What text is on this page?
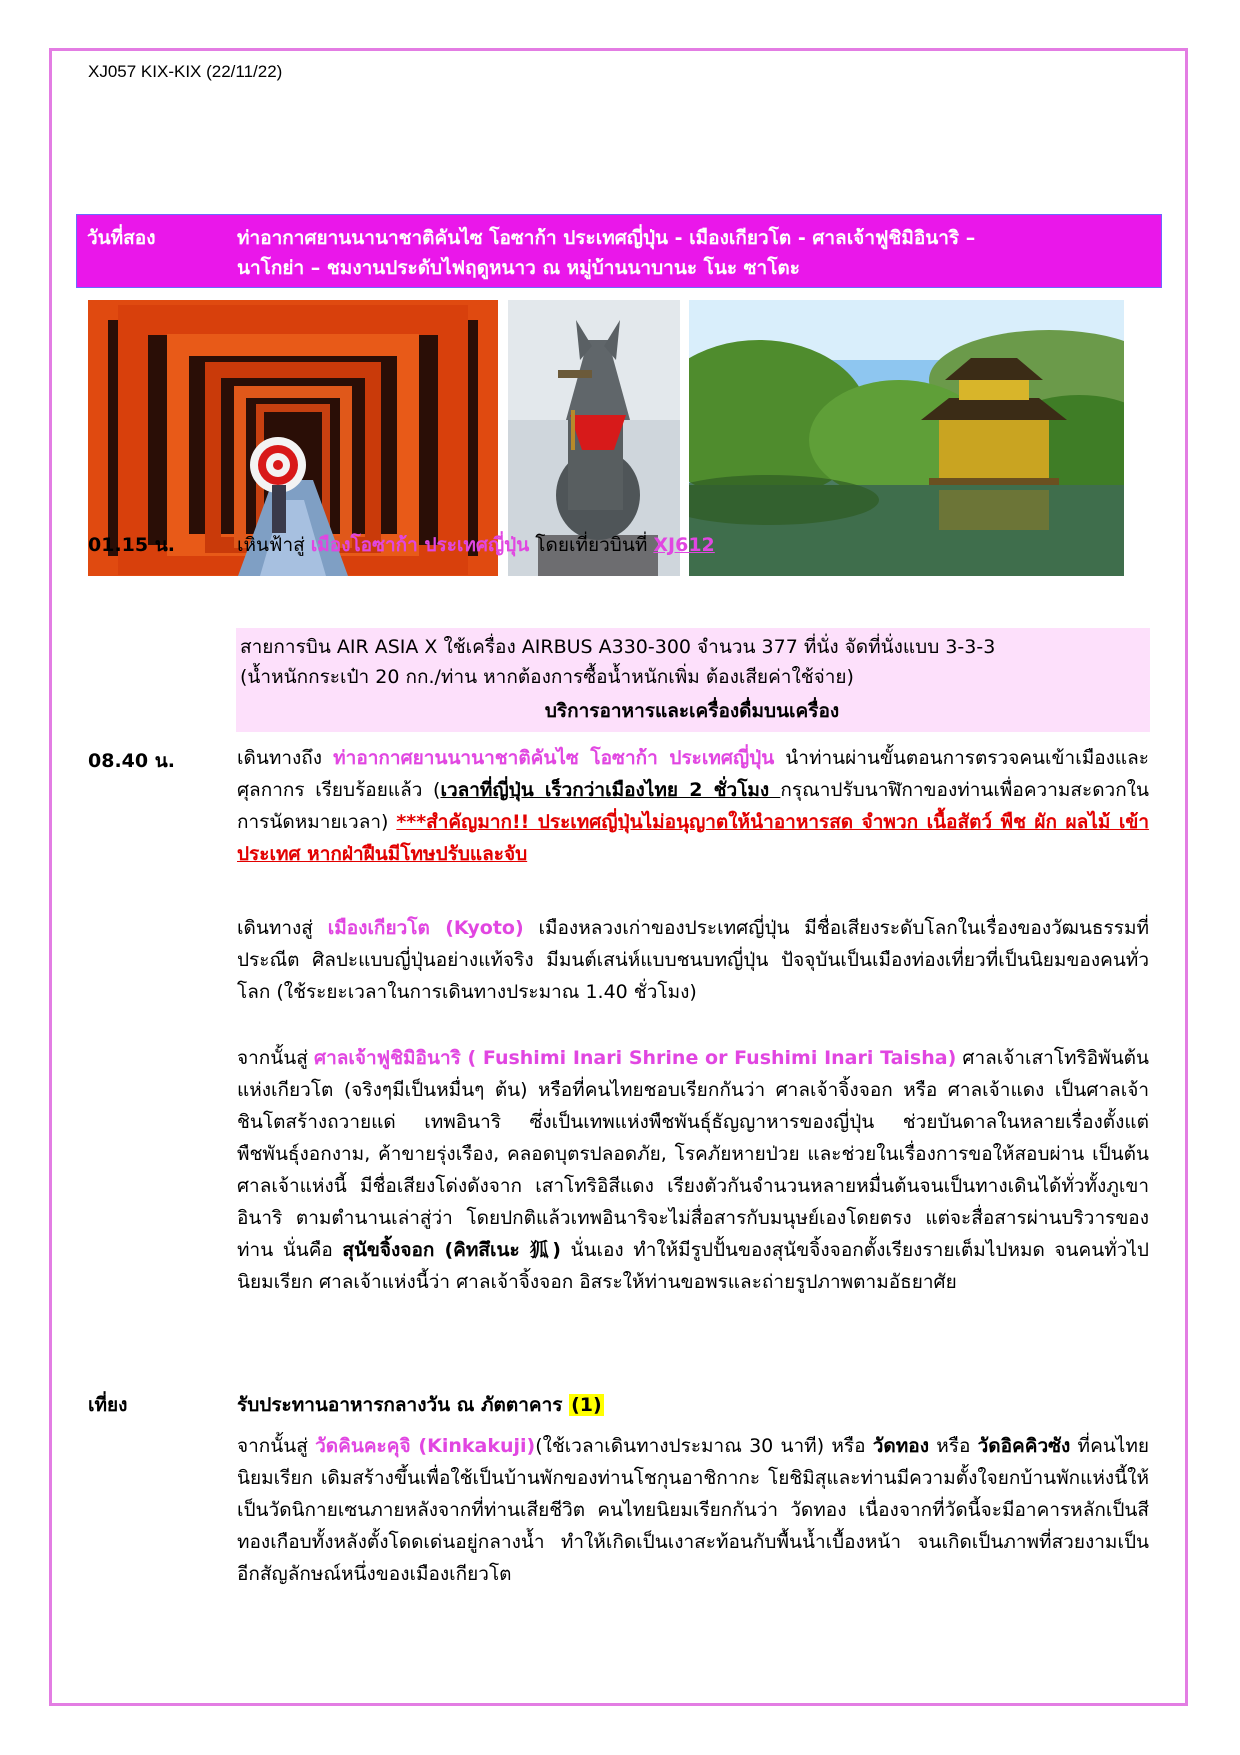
XJ057 KIX-KIX (22/11/22)
วันที่สอง	ท่าอากาศยานนานาชาติคันไซ โอซาก้า ประเทศญี่ปุ่น - เมืองเกียวโต - ศาลเจ้าฟูชิมิอินาริ –
นาโกย่า – ชมงานประดับไฟฤดูหนาว ณ หมู่บ้านนาบานะ โนะ ซาโตะ
01.15 น.	เหินฟ้าสู่ เมืองโอซาก้า ประเทศญี่ปุ่น โดยเที่ยวบินที่ XJ612
สายการบิน AIR ASIA X ใช้เครื่อง AIRBUS A330-300 จำนวน 377 ที่นั่ง จัดที่นั่งแบบ 3-3-3
(น้ำหนักกระเป๋า 20 กก./ท่าน หากต้องการซื้อน้ำหนักเพิ่ม ต้องเสียค่าใช้จ่าย)
บริการอาหารและเครื่องดื่มบนเครื่อง
08.40 น.	เดินทางถึง ท่าอากาศยานนานาชาติคันไซ โอซาก้า ประเทศญี่ปุ่น นำท่านผ่านขั้นตอนการตรวจคนเข้าเมืองและศุลกากร เรียบร้อยแล้ว (เวลาที่ญี่ปุ่น เร็วกว่าเมืองไทย 2 ชั่วโมง กรุณาปรับนาฬิกาของท่านเพื่อความสะดวกในการนัดหมายเวลา) ***สำคัญมาก!! ประเทศญี่ปุ่นไม่อนุญาตให้นำอาหารสด จำพวก เนื้อสัตว์ พืช ผัก ผลไม้ เข้าประเทศ หากฝ่าฝืนมีโทษปรับและจับ
เดินทางสู่ เมืองเกียวโต (Kyoto) เมืองหลวงเก่าของประเทศญี่ปุ่น มีชื่อเสียงระดับโลกในเรื่องของวัฒนธรรมที่ประณีต ศิลปะแบบญี่ปุ่นอย่างแท้จริง มีมนต์เสน่ห์แบบชนบทญี่ปุ่น ปัจจุบันเป็นเมืองท่องเที่ยวที่เป็นนิยมของคนทั่วโลก (ใช้ระยะเวลาในการเดินทางประมาณ 1.40 ชั่วโมง)
จากนั้นสู่ ศาลเจ้าฟูชิมิอินาริ ( Fushimi Inari Shrine or Fushimi Inari Taisha) ศาลเจ้าเสาโทริอิพันต้นแห่งเกียวโต (จริงๆมีเป็นหมื่นๆ ต้น) หรือที่คนไทยชอบเรียกกันว่า ศาลเจ้าจิ้งจอก หรือ ศาลเจ้าแดง เป็นศาลเจ้าชินโตสร้างถวายแด่ เทพอินาริ ซึ่งเป็นเทพแห่งพืชพันธุ์ธัญญาหารของญี่ปุ่น ช่วยบันดาลในหลายเรื่องตั้งแต่ พืชพันธุ์งอกงาม, ค้าขายรุ่งเรือง, คลอดบุตรปลอดภัย, โรคภัยหายป่วย และช่วยในเรื่องการขอให้สอบผ่าน เป็นต้น ศาลเจ้าแห่งนี้ มีชื่อเสียงโด่งดังจาก เสาโทริอิสีแดง เรียงตัวกันจำนวนหลายหมื่นต้นจนเป็นทางเดินได้ทั่วทั้งภูเขาอินาริ ตามตำนานเล่าสู่ว่า โดยปกติแล้วเทพอินาริจะไม่สื่อสารกับมนุษย์เองโดยตรง แต่จะสื่อสารผ่านบริวารของท่าน นั่นคือ สุนัขจิ้งจอก (คิทสึเนะ 狐) นั่นเอง ทำให้มีรูปปั้นของสุนัขจิ้งจอกตั้งเรียงรายเต็มไปหมด จนคนทั่วไปนิยมเรียก ศาลเจ้าแห่งนี้ว่า ศาลเจ้าจิ้งจอก อิสระให้ท่านขอพรและถ่ายรูปภาพตามอัธยาศัย
เที่ยง	รับประทานอาหารกลางวัน ณ ภัตตาคาร (1)
จากนั้นสู่ วัดคินคะคุจิ (Kinkakuji)(ใช้เวลาเดินทางประมาณ 30 นาที) หรือ วัดทอง หรือ วัดอิคคิวซัง ที่คนไทยนิยมเรียก เดิมสร้างขึ้นเพื่อใช้เป็นบ้านพักของท่านโชกุนอาชิกากะ โยชิมิสุและท่านมีความตั้งใจยกบ้านพักแห่งนี้ให้เป็นวัดนิกายเซนภายหลังจากที่ท่านเสียชีวิต คนไทยนิยมเรียกกันว่า วัดทอง เนื่องจากที่วัดนี้จะมีอาคารหลักเป็นสีทองเกือบทั้งหลังตั้งโดดเด่นอยู่กลางน้ำ ทำให้เกิดเป็นเงาสะท้อนกับพื้นน้ำเบื้องหน้า จนเกิดเป็นภาพที่สวยงามเป็นอีกสัญลักษณ์หนึ่งของเมืองเกียวโต
